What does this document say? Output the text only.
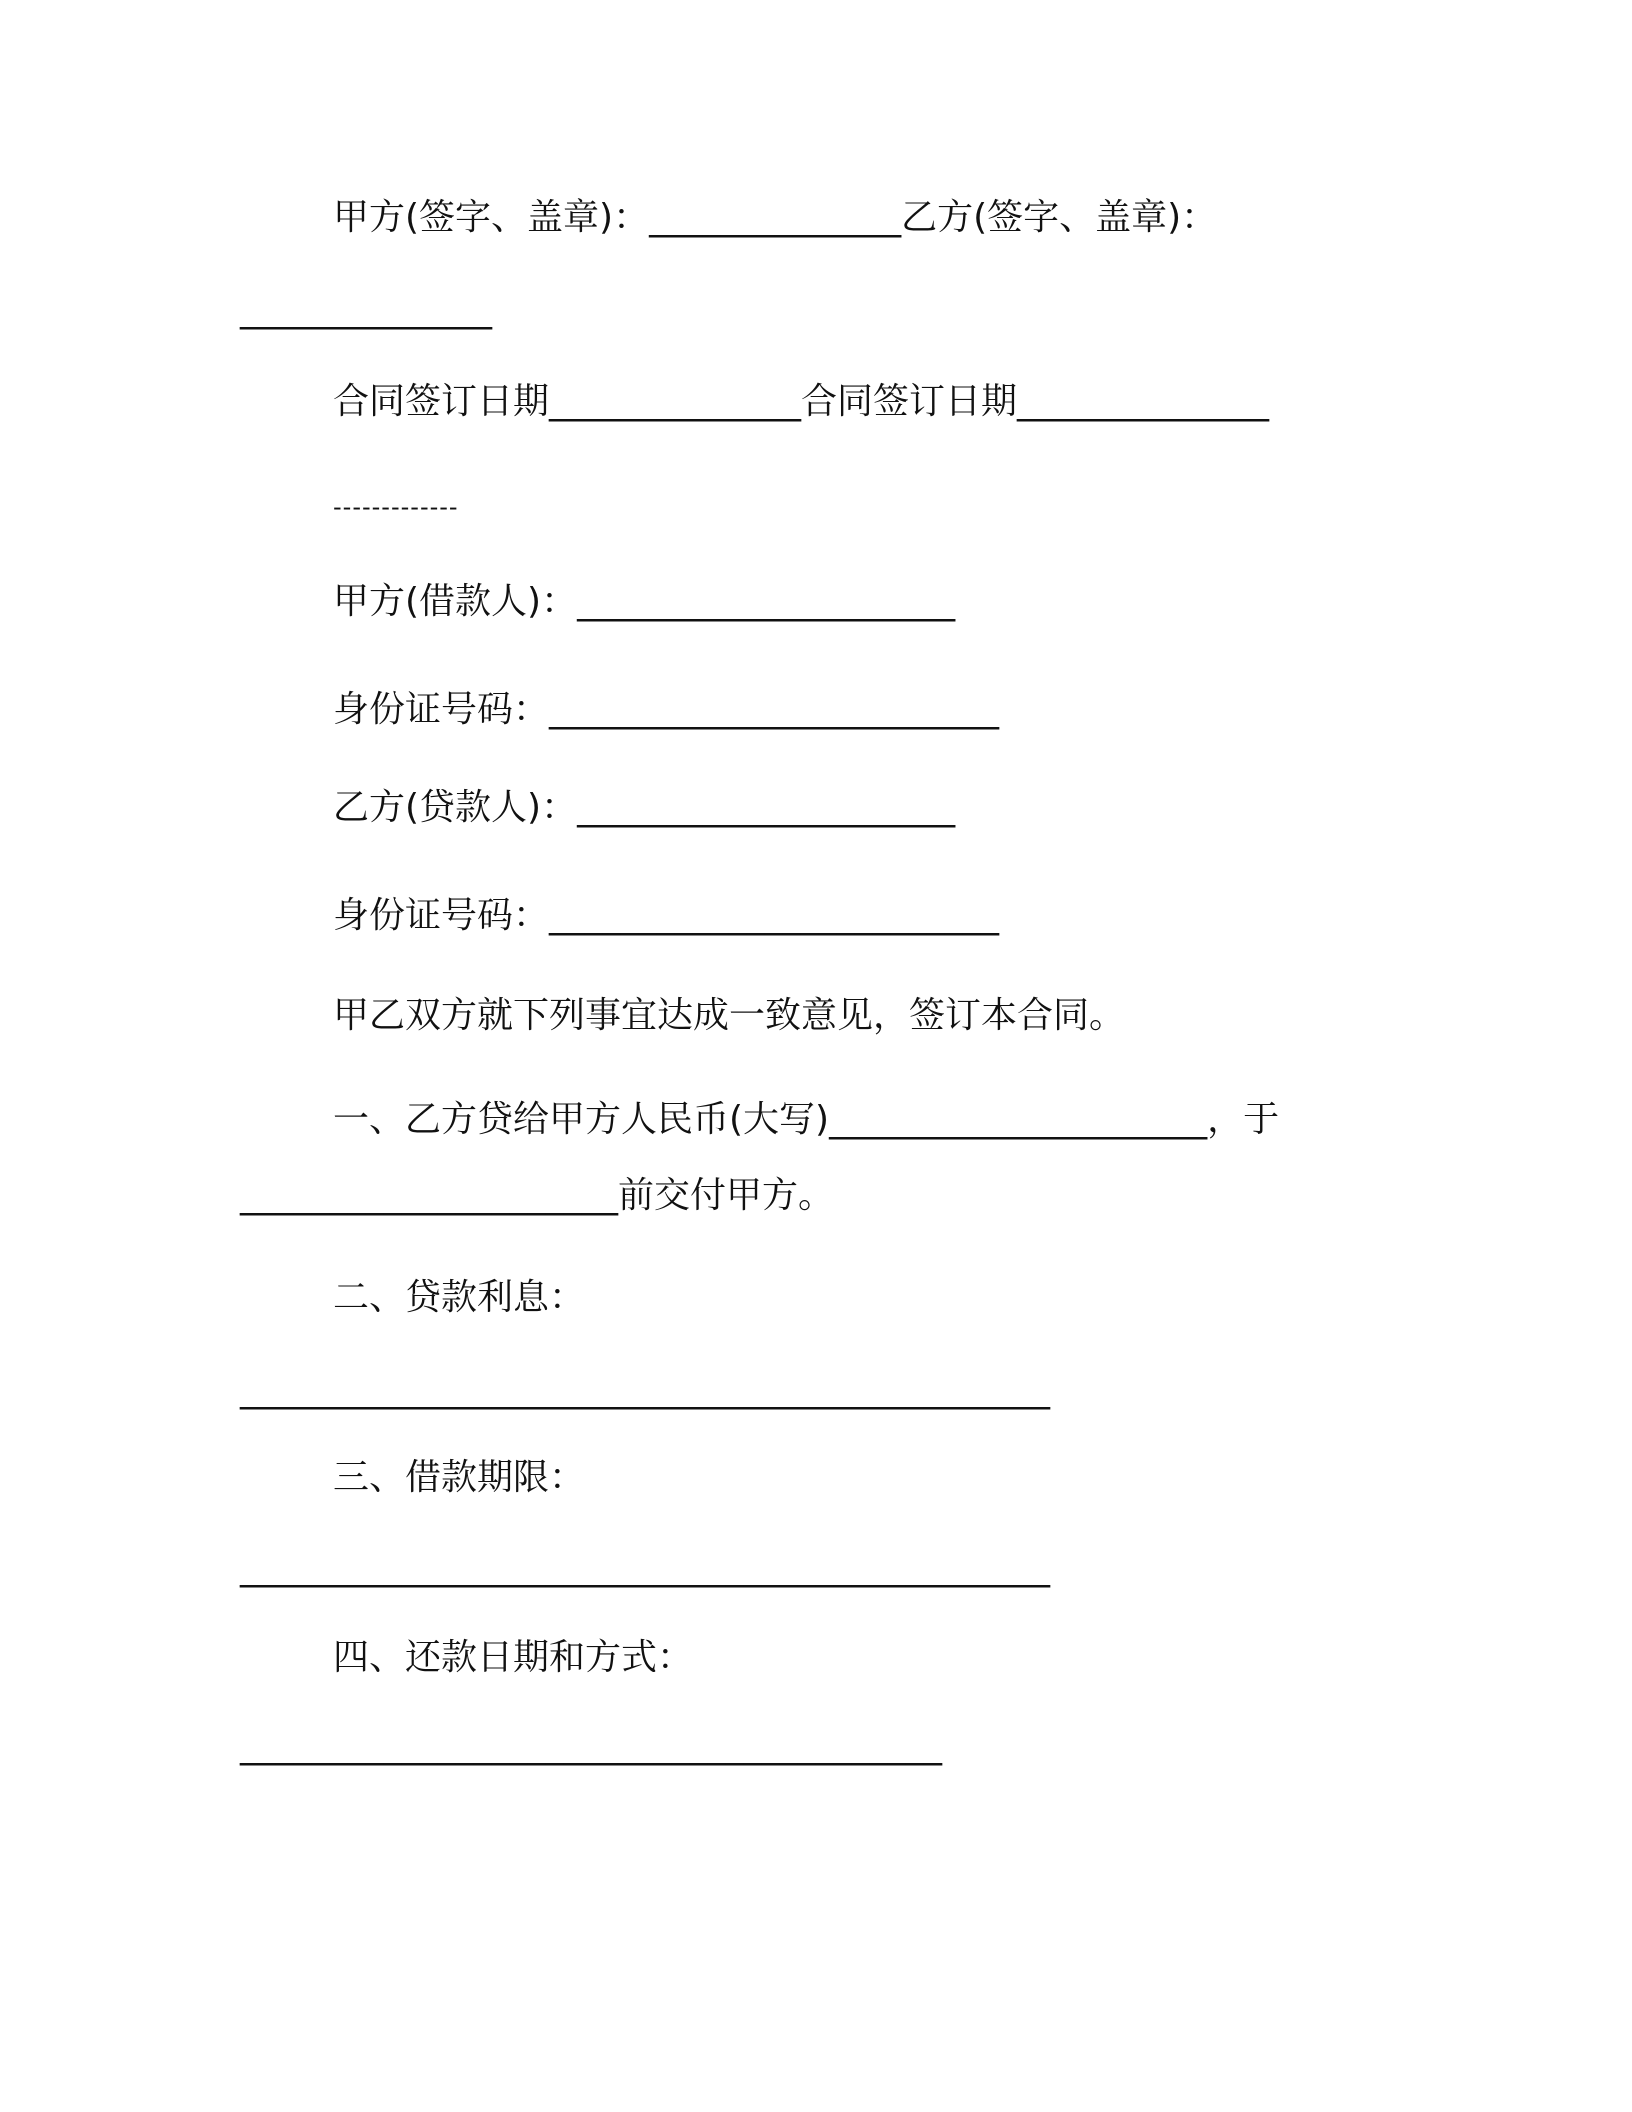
甲方(签字、盖章)：______________乙方(签字、盖章)：
______________
合同签订日期______________合同签订日期______________
-------------
甲方(借款人)：_____________________
身份证号码：_________________________
乙方(贷款人)：_____________________
身份证号码：_________________________
甲乙双方就下列事宜达成一致意见，签订本合同。
一、乙方贷给甲方人民币(大写)_____________________，于
_____________________前交付甲方。
二、贷款利息：
_____________________________________________
三、借款期限：
_____________________________________________
四、还款日期和方式：
_______________________________________
